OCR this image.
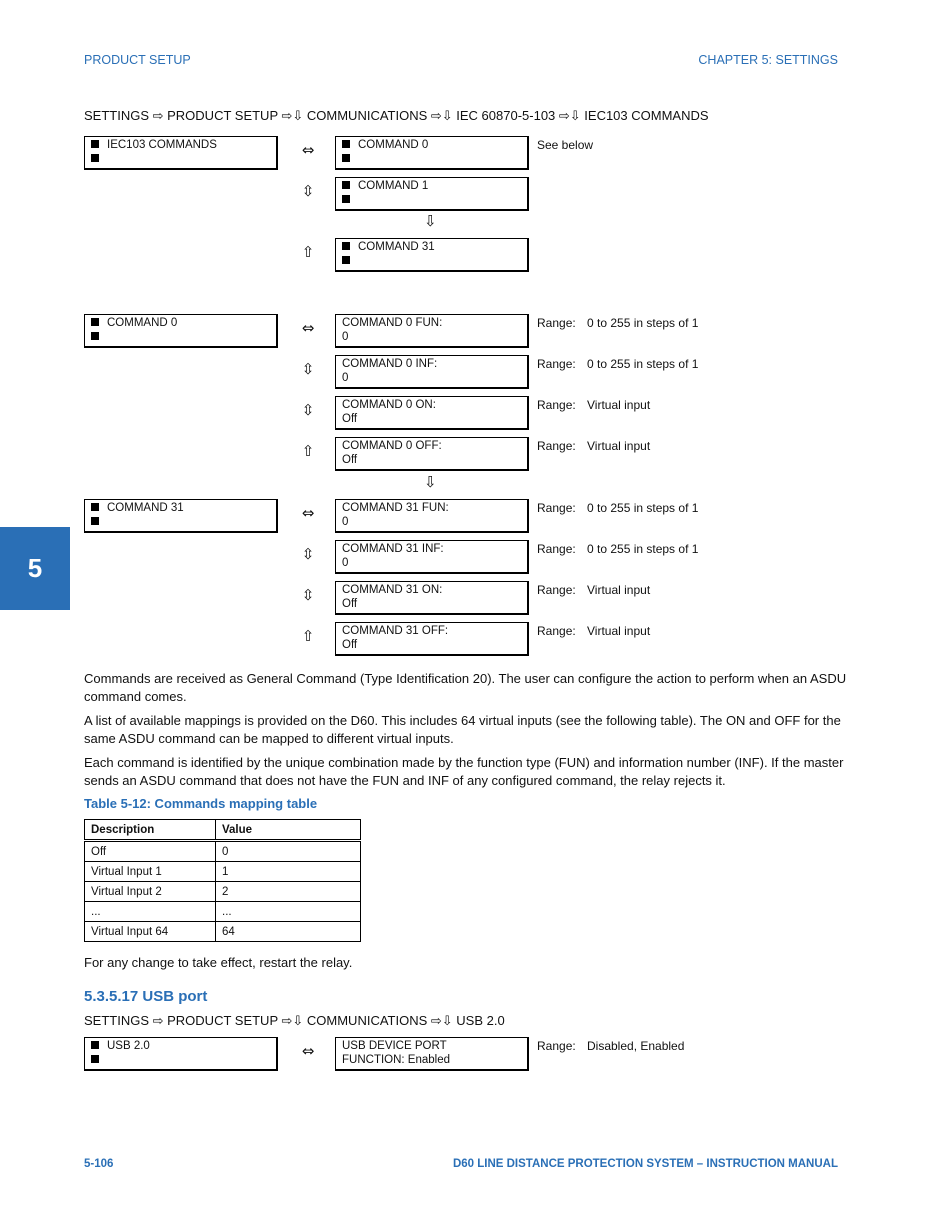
PRODUCT SETUP	CHAPTER 5: SETTINGS
SETTINGS ⇨ PRODUCT SETUP ⇨⇩ COMMUNICATIONS ⇨⇩ IEC 60870-5-103 ⇨⇩ IEC103 COMMANDS
IEC103 COMMANDS	⇔	COMMAND 0
⇳	COMMAND 1
⇧	COMMAND 31
See below
⇩
COMMAND 0
COMMAND 31
⇔	COMMAND 0 FUN:
0
Range: 0 to 255 in steps of 1
⇳	COMMAND 0 INF:
0
Range: 0 to 255 in steps of 1
⇳	COMMAND 0 ON:
Off
Range: Virtual input
⇧	COMMAND 0 OFF:
Off
Range: Virtual input
⇔	COMMAND 31 FUN:
0
Range: 0 to 255 in steps of 1
⇳	COMMAND 31 INF:
0
Range: 0 to 255 in steps of 1
⇳	COMMAND 31 ON:
Off
Range: Virtual input
⇧	COMMAND 31 OFF:
Off
Range: Virtual input
⇩
5

Commands are received as General Command (Type Identification 20). The user can configure the action to perform when an ASDU command comes.

A list of available mappings is provided on the D60. This includes 64 virtual inputs (see the following table). The ON and OFF for the same ASDU command can be mapped to different virtual inputs.

Each command is identified by the unique combination made by the function type (FUN) and information number (INF). If the master sends an ASDU command that does not have the FUN and INF of any configured command, the relay rejects it.

Table 5-12: Commands mapping table
Description	Value
Off	0
Virtual Input 1	1
Virtual Input 2	2
...	...
Virtual Input 64	64
For any change to take effect, restart the relay.
5.3.5.17 USB port
SETTINGS ⇨ PRODUCT SETUP ⇨⇩ COMMUNICATIONS ⇨⇩ USB 2.0
USB 2.0	⇔	USB DEVICE PORT
FUNCTION: Enabled
Range: Disabled, Enabled
5-106	D60 LINE DISTANCE PROTECTION SYSTEM – INSTRUCTION MANUAL
